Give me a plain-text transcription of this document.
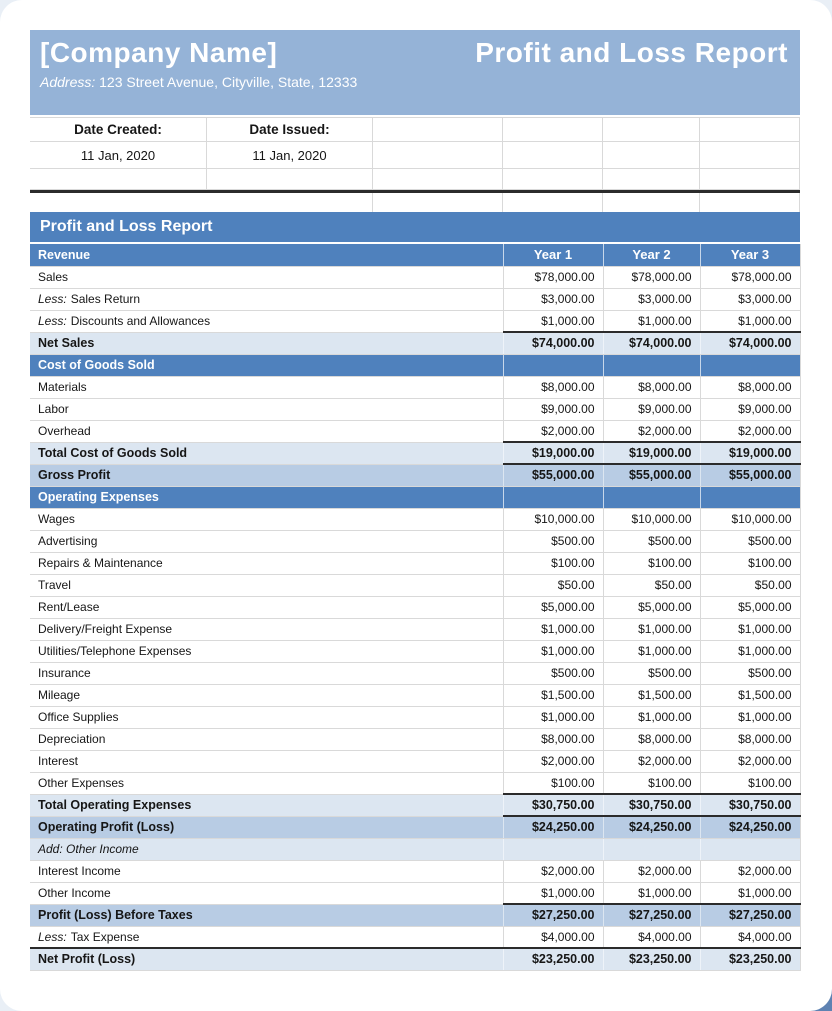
[Company Name]	Profit and Loss Report
Address: 123 Street Avenue, Cityville, State, 12333
Date Created:	Date Issued:
11 Jan, 2020	11 Jan, 2020
Profit and Loss Report
Revenue	Year 1	Year 2	Year 3
Sales	$78,000.00	$78,000.00	$78,000.00
Less: Sales Return	$3,000.00	$3,000.00	$3,000.00
Less: Discounts and Allowances	$1,000.00	$1,000.00	$1,000.00
Net Sales	$74,000.00	$74,000.00	$74,000.00
Cost of Goods Sold			
Materials	$8,000.00	$8,000.00	$8,000.00
Labor	$9,000.00	$9,000.00	$9,000.00
Overhead	$2,000.00	$2,000.00	$2,000.00
Total Cost of Goods Sold	$19,000.00	$19,000.00	$19,000.00
Gross Profit	$55,000.00	$55,000.00	$55,000.00
Operating Expenses			
Wages	$10,000.00	$10,000.00	$10,000.00
Advertising	$500.00	$500.00	$500.00
Repairs & Maintenance	$100.00	$100.00	$100.00
Travel	$50.00	$50.00	$50.00
Rent/Lease	$5,000.00	$5,000.00	$5,000.00
Delivery/Freight Expense	$1,000.00	$1,000.00	$1,000.00
Utilities/Telephone Expenses	$1,000.00	$1,000.00	$1,000.00
Insurance	$500.00	$500.00	$500.00
Mileage	$1,500.00	$1,500.00	$1,500.00
Office Supplies	$1,000.00	$1,000.00	$1,000.00
Depreciation	$8,000.00	$8,000.00	$8,000.00
Interest	$2,000.00	$2,000.00	$2,000.00
Other Expenses	$100.00	$100.00	$100.00
Total Operating Expenses	$30,750.00	$30,750.00	$30,750.00
Operating Profit (Loss)	$24,250.00	$24,250.00	$24,250.00
Add: Other Income			
Interest Income	$2,000.00	$2,000.00	$2,000.00
Other Income	$1,000.00	$1,000.00	$1,000.00
Profit (Loss) Before Taxes	$27,250.00	$27,250.00	$27,250.00
Less: Tax Expense	$4,000.00	$4,000.00	$4,000.00
Net Profit (Loss)	$23,250.00	$23,250.00	$23,250.00
